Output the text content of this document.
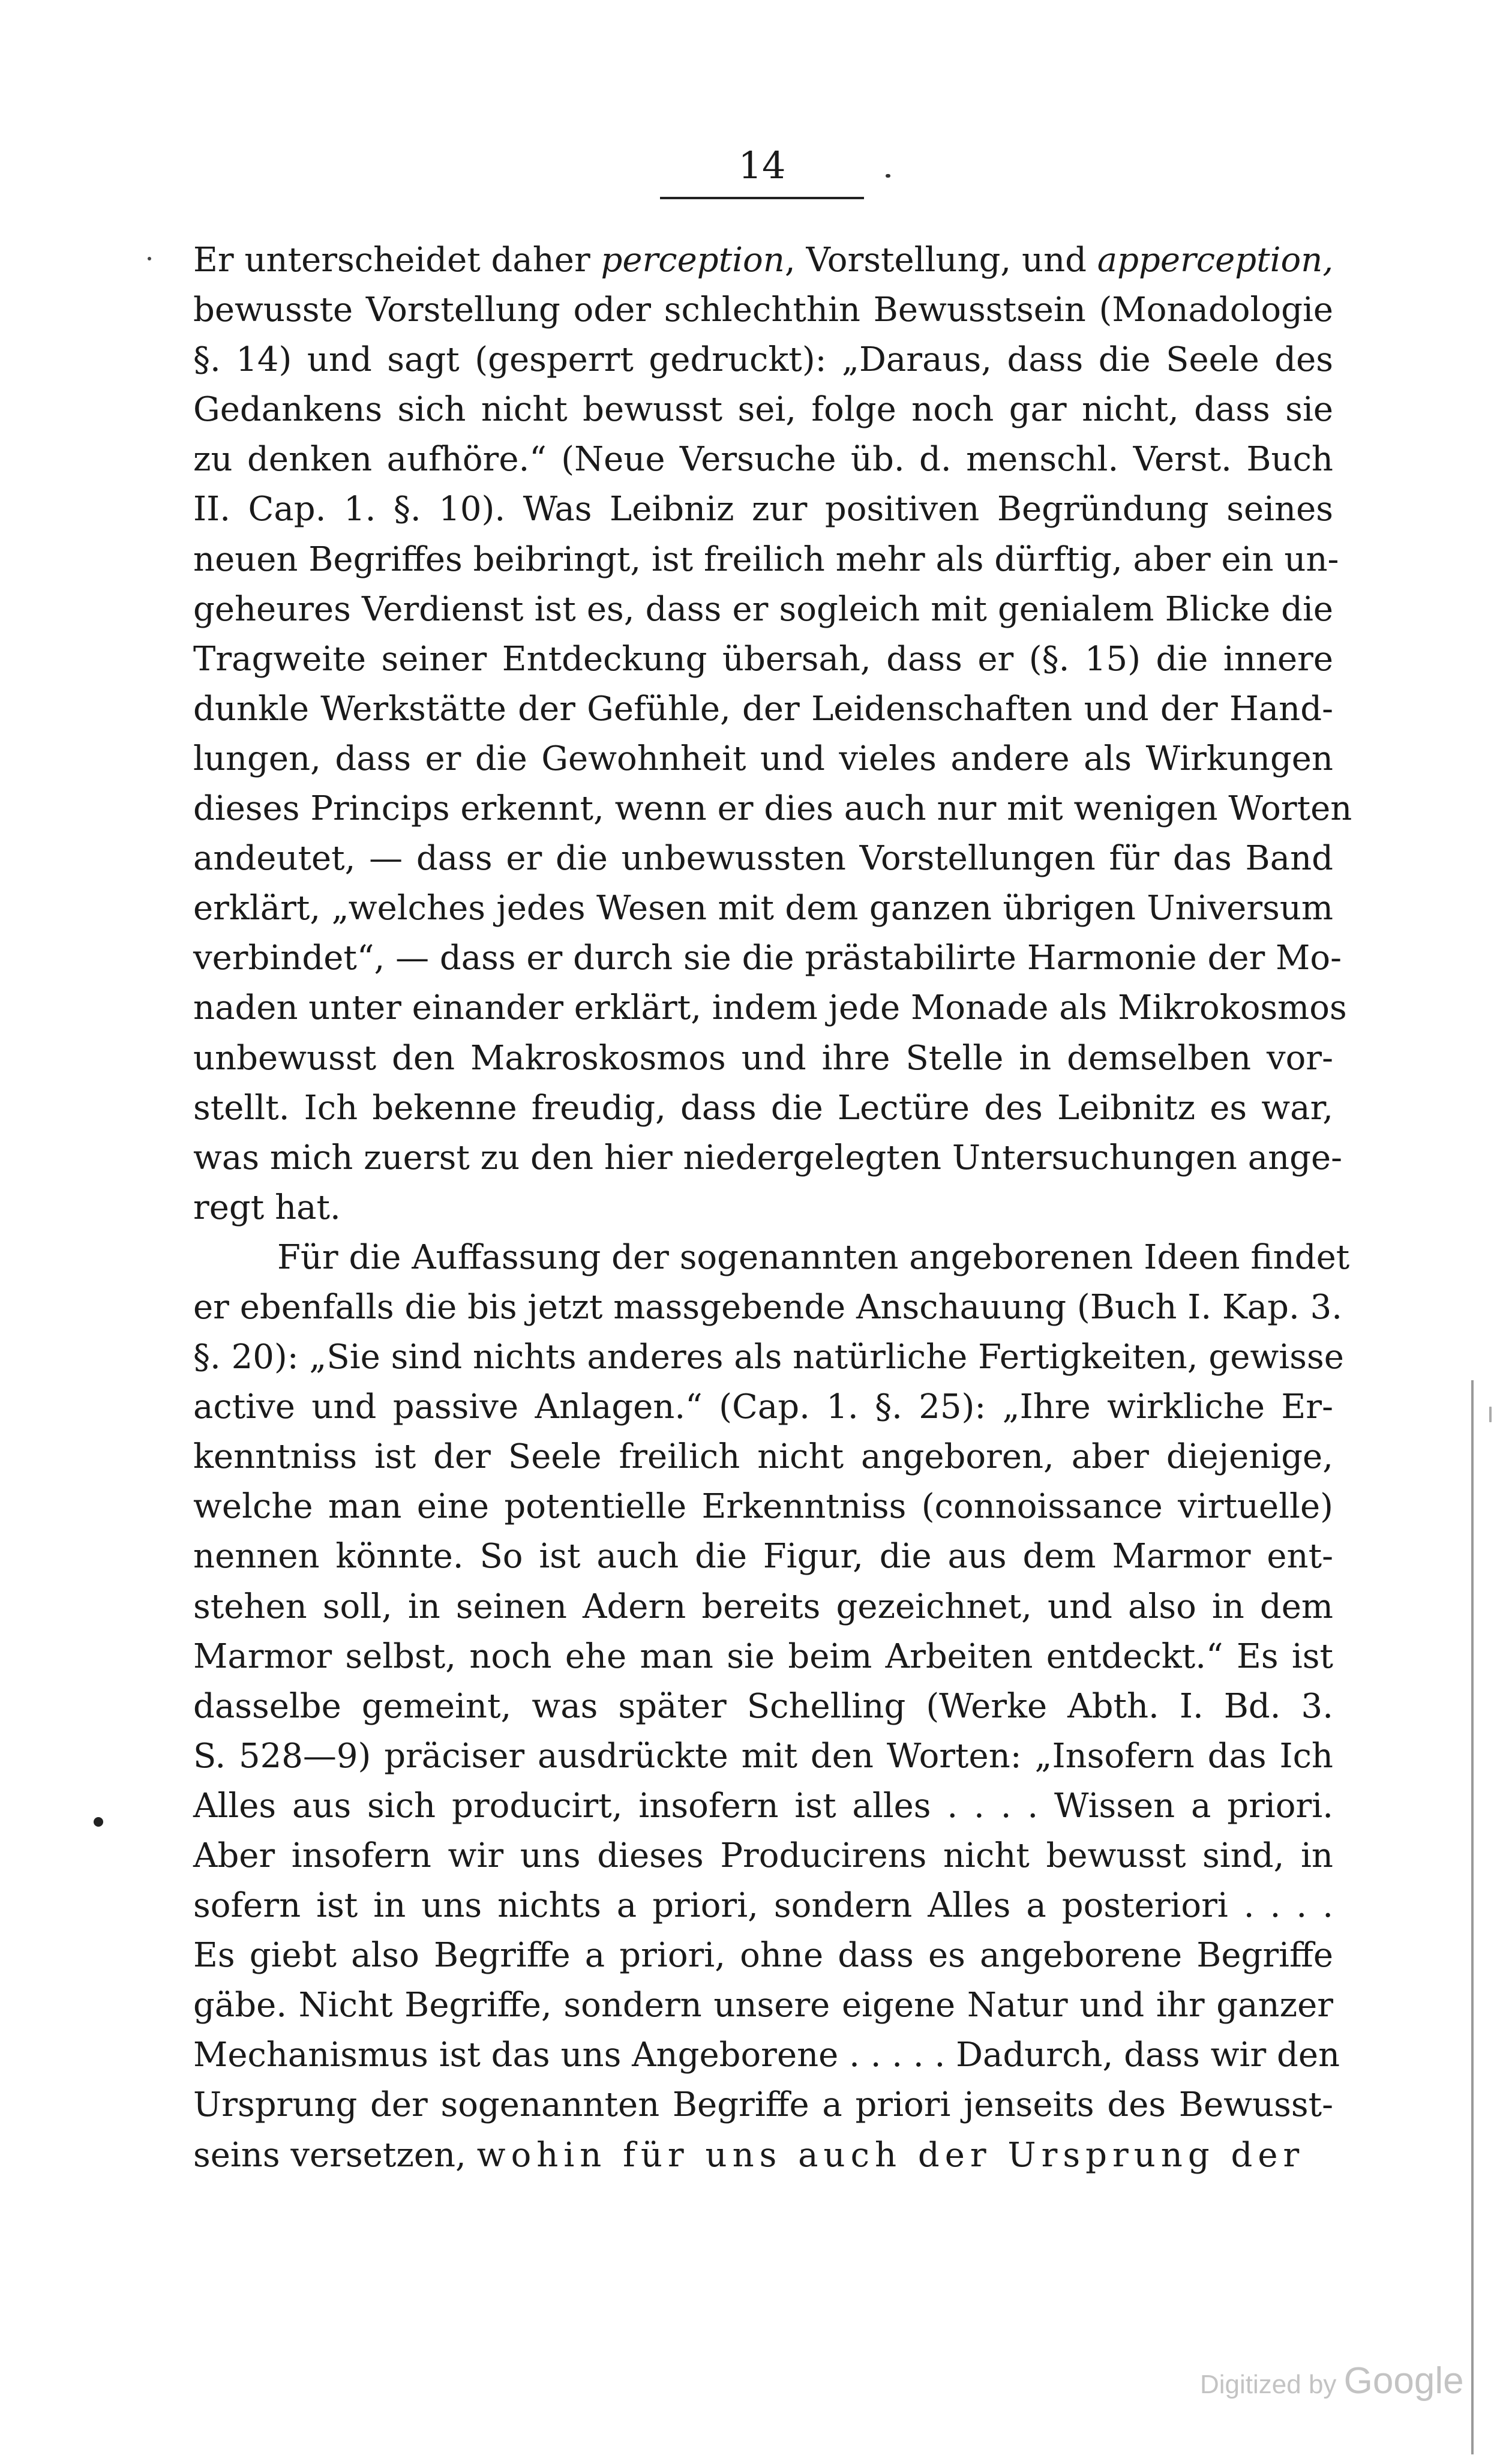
14
Er unterscheidet daher perception, Vorstellung, und apperception,
bewusste Vorstellung oder schlechthin Bewusstsein (Monadologie
§. 14) und sagt (gesperrt gedruckt): „Daraus, dass die Seele des
Gedankens sich nicht bewusst sei, folge noch gar nicht, dass sie
zu denken aufhöre.“ (Neue Versuche üb. d. menschl. Verst. Buch
II. Cap. 1. §. 10). Was Leibniz zur positiven Begründung seines
neuen Begriffes beibringt, ist freilich mehr als dürftig, aber ein un-
geheures Verdienst ist es, dass er sogleich mit genialem Blicke die
Tragweite seiner Entdeckung übersah, dass er (§. 15) die innere
dunkle Werkstätte der Gefühle, der Leidenschaften und der Hand-
lungen, dass er die Gewohnheit und vieles andere als Wirkungen
dieses Princips erkennt, wenn er dies auch nur mit wenigen Worten
andeutet, — dass er die unbewussten Vorstellungen für das Band
erklärt, „welches jedes Wesen mit dem ganzen übrigen Universum
verbindet“, — dass er durch sie die prästabilirte Harmonie der Mo-
naden unter einander erklärt, indem jede Monade als Mikrokosmos
unbewusst den Makroskosmos und ihre Stelle in demselben vor-
stellt. Ich bekenne freudig, dass die Lectüre des Leibnitz es war,
was mich zuerst zu den hier niedergelegten Untersuchungen ange-
regt hat.
Für die Auffassung der sogenannten angeborenen Ideen findet
er ebenfalls die bis jetzt massgebende Anschauung (Buch I. Kap. 3.
§. 20): „Sie sind nichts anderes als natürliche Fertigkeiten, gewisse
active und passive Anlagen.“ (Cap. 1. §. 25): „Ihre wirkliche Er-
kenntniss ist der Seele freilich nicht angeboren, aber diejenige,
welche man eine potentielle Erkenntniss (connoissance virtuelle)
nennen könnte. So ist auch die Figur, die aus dem Marmor ent-
stehen soll, in seinen Adern bereits gezeichnet, und also in dem
Marmor selbst, noch ehe man sie beim Arbeiten entdeckt.“ Es ist
dasselbe gemeint, was später Schelling (Werke Abth. I. Bd. 3.
S. 528—9) präciser ausdrückte mit den Worten: „Insofern das Ich
Alles aus sich producirt, insofern ist alles . . . . Wissen a priori.
Aber insofern wir uns dieses Producirens nicht bewusst sind, in
sofern ist in uns nichts a priori, sondern Alles a posteriori . . . .
Es giebt also Begriffe a priori, ohne dass es angeborene Begriffe
gäbe. Nicht Begriffe, sondern unsere eigene Natur und ihr ganzer
Mechanismus ist das uns Angeborene . . . . . Dadurch, dass wir den
Ursprung der sogenannten Begriffe a priori jenseits des Bewusst-
seins versetzen, wohin für uns auch der Ursprung der
Digitized by Google
